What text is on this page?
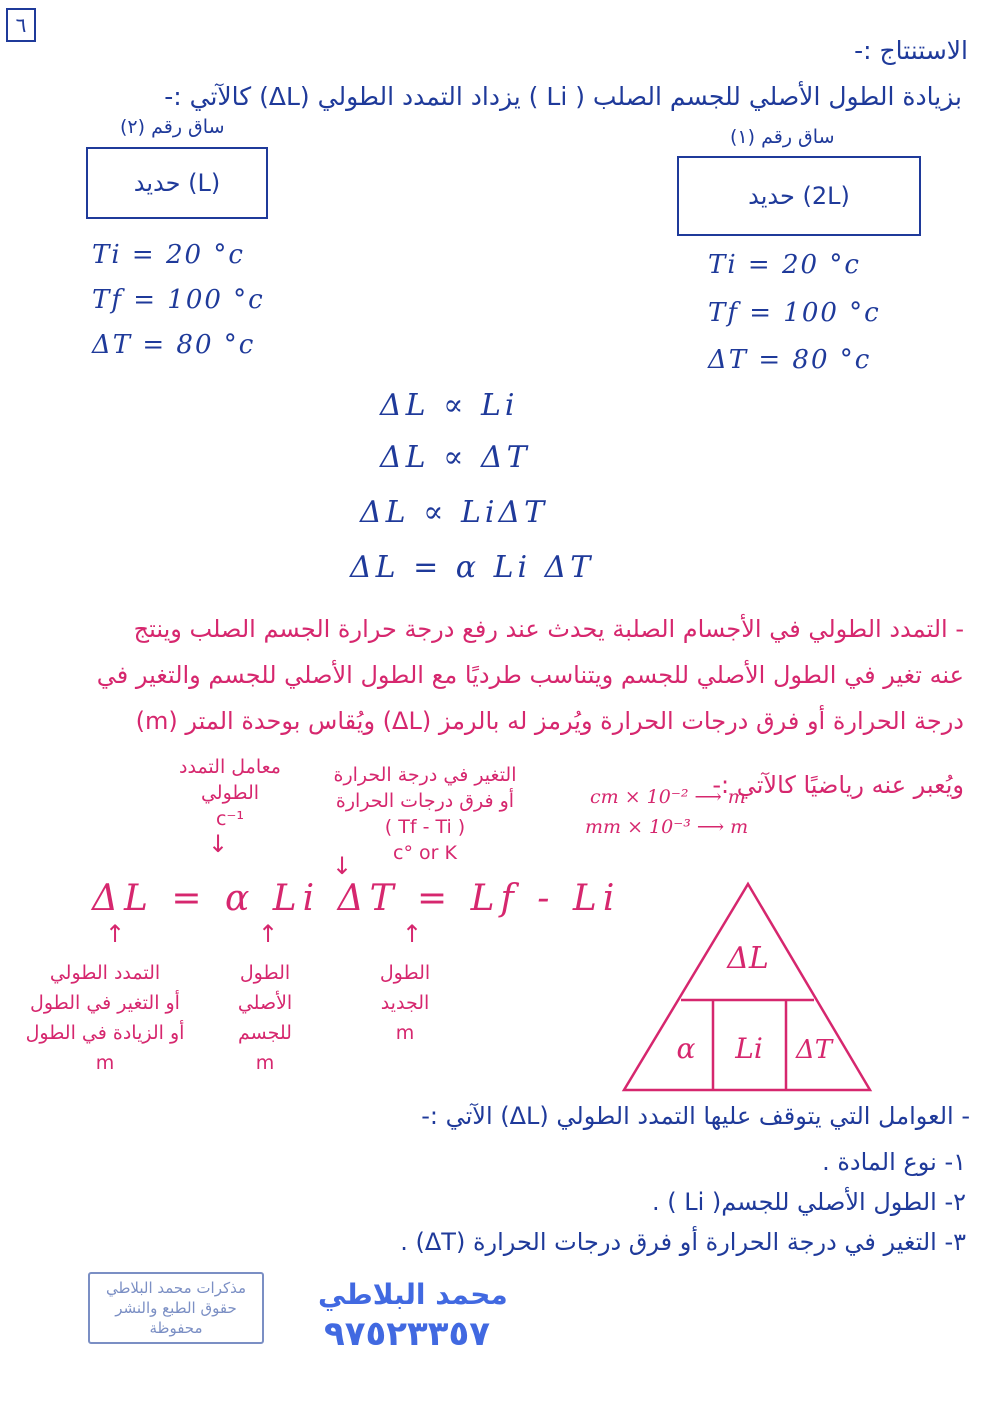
٦
الاستنتاج :-
بزيادة الطول الأصلي للجسم الصلب ( Li ) يزداد التمدد الطولي (ΔL) كالآتي :-
ساق رقم (٢)
حديد (L)
Ti = 20 °c
Tf = 100 °c
ΔT = 80 °c
ساق رقم (١)
حديد (2L)
Ti = 20 °c
Tf = 100 °c
ΔT = 80 °c
ΔL ∝ Li
ΔL ∝ ΔT
ΔL ∝ LiΔT
ΔL = α Li ΔT
- التمدد الطولي في الأجسام الصلبة يحدث عند رفع درجة حرارة الجسم الصلب وينتج
عنه تغير في الطول الأصلي للجسم ويتناسب طرديًا مع الطول الأصلي للجسم والتغير في
درجة الحرارة أو فرق درجات الحرارة ويُرمز له بالرمز (ΔL) ويُقاس بوحدة المتر (m)
ويُعبر عنه رياضيًا كالآتي :-
معامل التمدد
الطولي
c⁻¹
↓
التغير في درجة الحرارة
أو فرق درجات الحرارة
( Tf - Ti )
c° or K
↓
cm × 10⁻² ⟶ m
mm × 10⁻³ ⟶ m
ΔL = α Li ΔT = Lf - Li
↑
التمدد الطولي
أو التغير في الطول
أو الزيادة في الطول
m
↑
الطول
الأصلي
للجسم
m
↑
الطول
الجديد
m
ΔL
α Li ΔT
- العوامل التي يتوقف عليها التمدد الطولي (ΔL) الآتي :-
١- نوع المادة .
٢- الطول الأصلي للجسم( Li ) .
٣- التغير في درجة الحرارة أو فرق درجات الحرارة (ΔT) .
مذكرات محمد البلاطي
حقوق الطبع والنشر محفوظة
محمد البلاطي
٩٧٥٢٣٣٥٧
